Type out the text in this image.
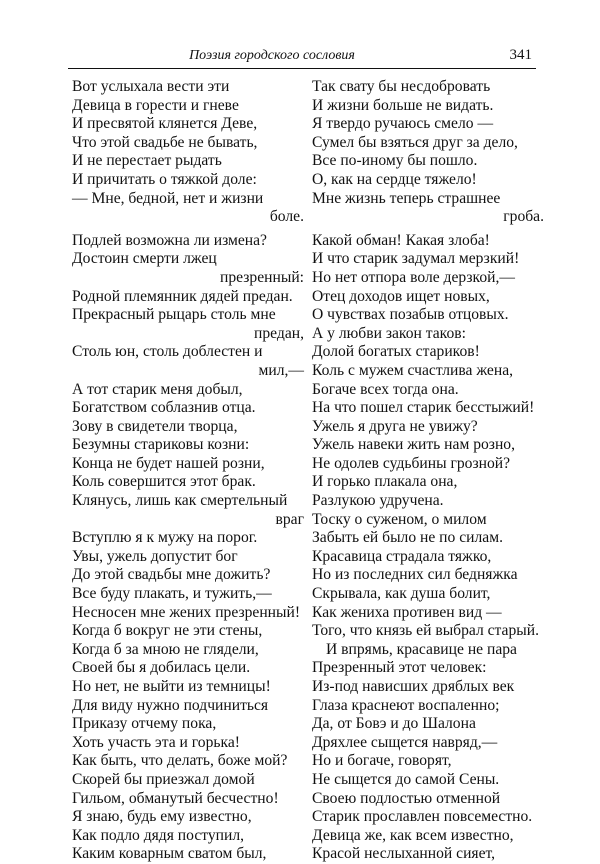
Поэзия городского сословия	341
Вот услыхала вести эти
Девица в горести и гневе
И пресвятой клянется Деве,
Что этой свадьбе не бывать,
И не перестает рыдать
И причитать о тяжкой доле:
— Мне, бедной, нет и жизни
боле.
Подлей возможна ли измена?
Достоин смерти лжец
презренный:
Родной племянник дядей предан.
Прекрасный рыцарь столь мне
предан,
Столь юн, столь доблестен и
мил,—
А тот старик меня добыл,
Богатством соблазнив отца.
Зову в свидетели творца,
Безумны стариковы козни:
Конца не будет нашей розни,
Коль совершится этот брак.
Клянусь, лишь как смертельный
враг
Вступлю я к мужу на порог.
Увы, ужель допустит бог
До этой свадьбы мне дожить?
Все буду плакать, и тужить,—
Несносен мне жених презренный!
Когда б вокруг не эти стены,
Когда б за мною не глядели,
Своей бы я добилась цели.
Но нет, не выйти из темницы!
Для виду нужно подчиниться
Приказу отчему пока,
Хоть участь эта и горька!
Как быть, что делать, боже мой?
Скорей бы приезжал домой
Гильом, обманутый бесчестно!
Я знаю, будь ему известно,
Как подло дядя поступил,
Каким коварным сватом был,
Так свату бы несдобровать
И жизни больше не видать.
Я твердо ручаюсь смело —
Сумел бы взяться друг за дело,
Все по-иному бы пошло.
О, как на сердце тяжело!
Мне жизнь теперь страшнее
гроба.
Какой обман! Какая злоба!
И что старик задумал мерзкий!
Но нет отпора воле дерзкой,—
Отец доходов ищет новых,
О чувствах позабыв отцовых.
А у любви закон таков:
Долой богатых стариков!
Коль с мужем счастлива жена,
Богаче всех тогда она.
На что пошел старик бесстыжий!
Ужель я друга не увижу?
Ужель навеки жить нам розно,
Не одолев судьбины грозной?
И горько плакала она,
Разлукою удручена.
Тоску о суженом, о милом
Забыть ей было не по силам.
Красавица страдала тяжко,
Но из последних сил бедняжка
Скрывала, как душа болит,
Как жениха противен вид —
Того, что князь ей выбрал старый.
И впрямь, красавице не пара
Презренный этот человек:
Из-под нависших дряблых век
Глаза краснеют воспаленно;
Да, от Бовэ и до Шалона
Дряхлее сыщется навряд,—
Но и богаче, говорят,
Не сыщется до самой Сены.
Своею подлостью отменной
Старик прославлен повсеместно.
Девица же, как всем известно,
Красой неслыханной сияет,
